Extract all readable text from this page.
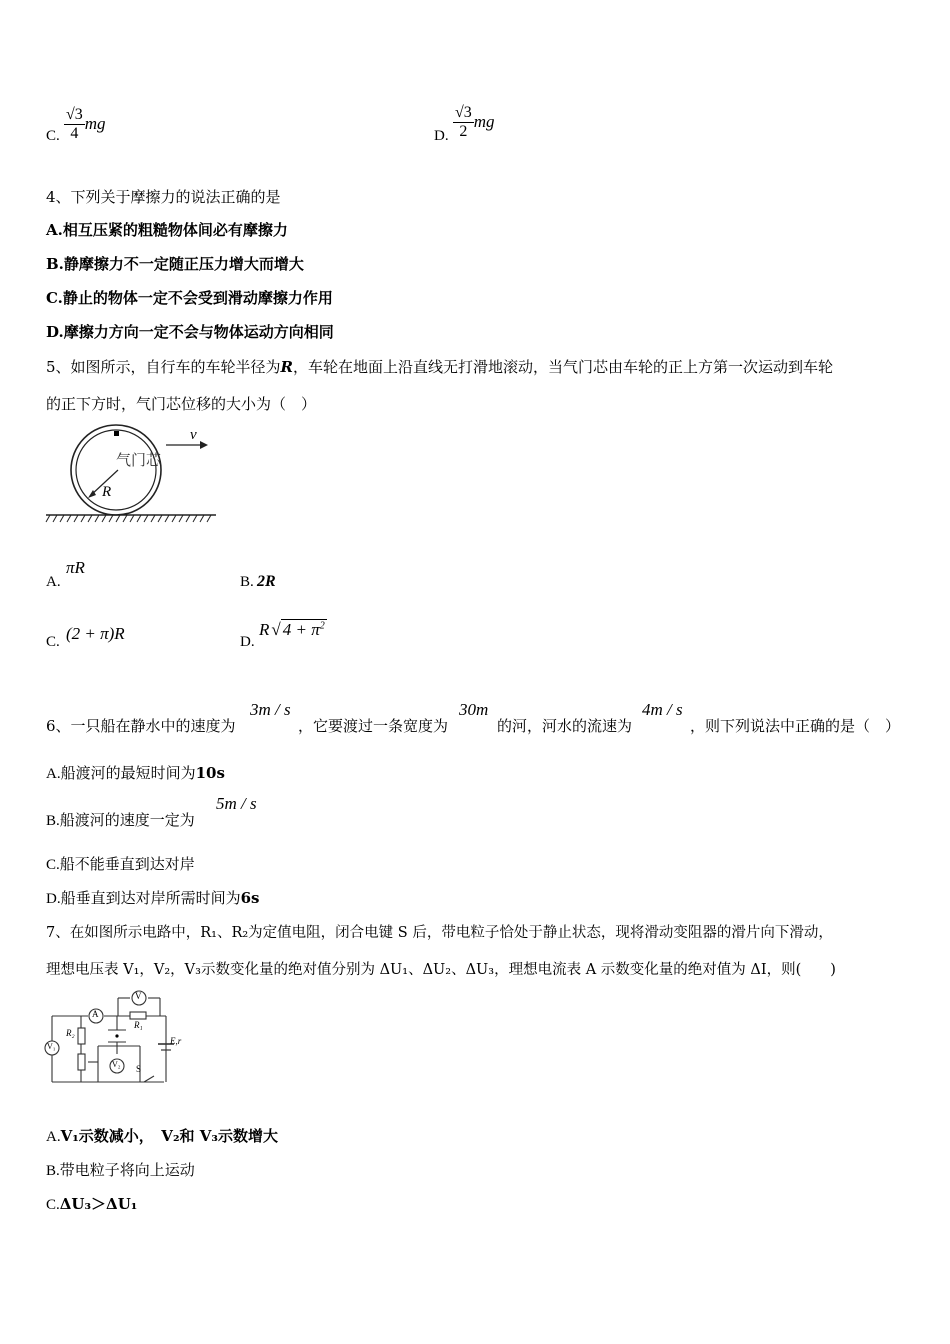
C. $\frac{√3}{4}$ mg
D. $\frac{√3}{2}$ mg
4、下列关于摩擦力的说法正确的是
A.相互压紧的粗糙物体间必有摩擦力
B.静摩擦力不一定随正压力增大而增大
C.静止的物体一定不会受到滑动摩擦力作用
D.摩擦力方向一定不会与物体运动方向相同
5、如图所示，自行车的车轮半径为R，车轮在地面上沿直线无打滑地滚动，当气门芯由车轮的正上方第一次运动到车轮
的正下方时，气门芯位移的大小为（　）
v
气门芯
R
A.
πR
B. 2R
C. (2 + π)R	D.
R √ $4 + \pi^2$
6、一只船在静水中的速度为
3m / s
，它要渡过一条宽度为
30m
的河，河水的流速为
4m / s
，则下列说法中正确的是（　）
A.船渡河的最短时间为10s
B.船渡河的速度一定为
5m / s
C.船不能垂直到达对岸
D.船垂直到达对岸所需时间为6s
7、在如图所示电路中，R₁、R₂为定值电阻，闭合电键 S 后，带电粒子恰处于静止状态，现将滑动变阻器的滑片向下滑动，
理想电压表 V₁，V₂，V₃示数变化量的绝对值分别为 ΔU₁、ΔU₂、ΔU₃，理想电流表 A 示数变化量的绝对值为 ΔI，则(　　)
V
A
R₁
R₂
V₁
V₂ S
E,r
A.V₁示数减小，　V₂和 V₃示数增大
B.带电粒子将向上运动
C.ΔU₃＞ΔU₁
